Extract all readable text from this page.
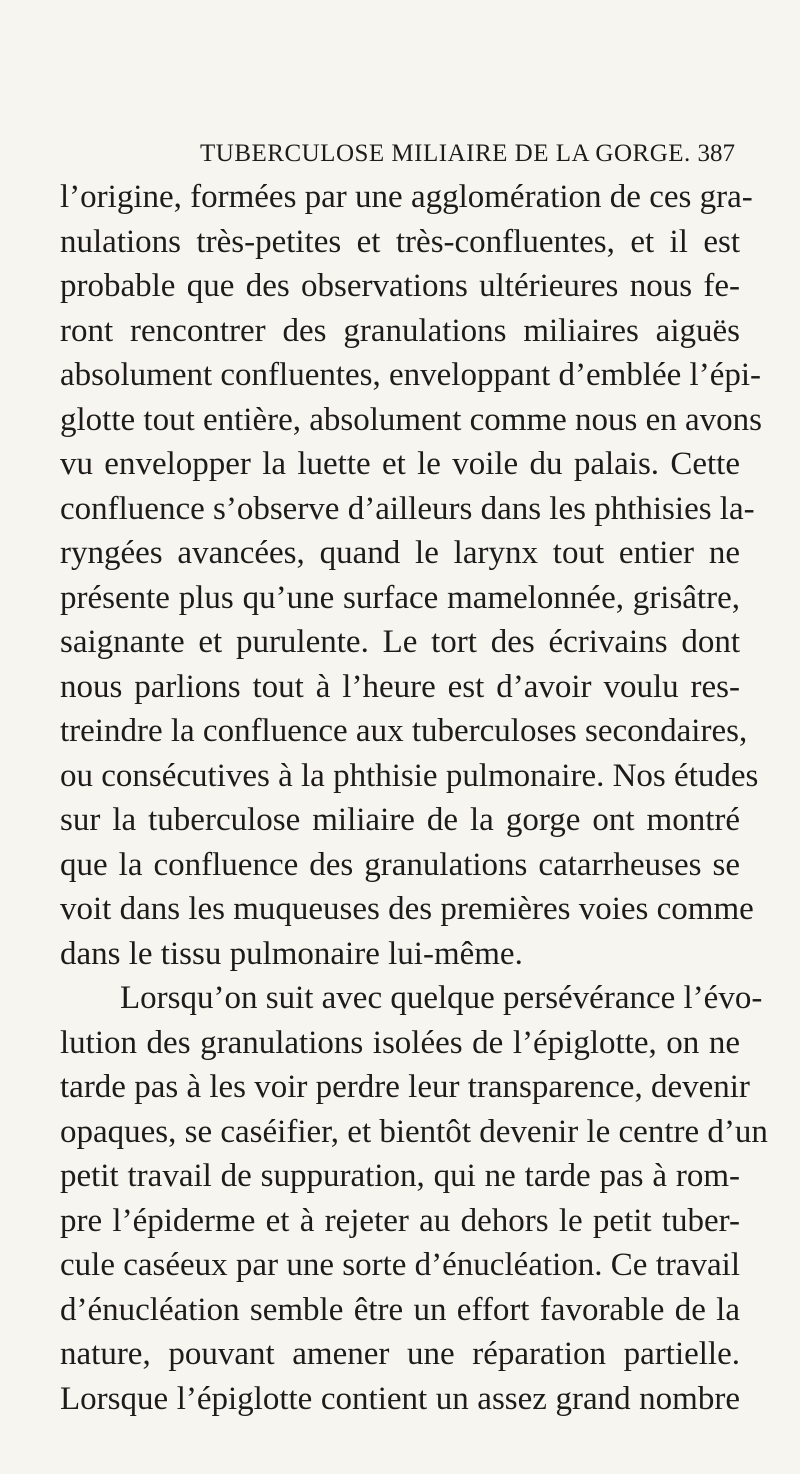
TUBERCULOSE MILIAIRE DE LA GORGE. 387
l’origine, formées par une agglomération de ces gra-
nulations très-petites et très-confluentes, et il est
probable que des observations ultérieures nous fe-
ront rencontrer des granulations miliaires aiguës
absolument confluentes, enveloppant d’emblée l’épi-
glotte tout entière, absolument comme nous en avons
vu envelopper la luette et le voile du palais. Cette
confluence s’observe d’ailleurs dans les phthisies la-
ryngées avancées, quand le larynx tout entier ne
présente plus qu’une surface mamelonnée, grisâtre,
saignante et purulente. Le tort des écrivains dont
nous parlions tout à l’heure est d’avoir voulu res-
treindre la confluence aux tuberculoses secondaires,
ou consécutives à la phthisie pulmonaire. Nos études
sur la tuberculose miliaire de la gorge ont montré
que la confluence des granulations catarrheuses se
voit dans les muqueuses des premières voies comme
dans le tissu pulmonaire lui-même.
Lorsqu’on suit avec quelque persévérance l’évo-
lution des granulations isolées de l’épiglotte, on ne
tarde pas à les voir perdre leur transparence, devenir
opaques, se caséifier, et bientôt devenir le centre d’un
petit travail de suppuration, qui ne tarde pas à rom-
pre l’épiderme et à rejeter au dehors le petit tuber-
cule caséeux par une sorte d’énucléation. Ce travail
d’énucléation semble être un effort favorable de la
nature, pouvant amener une réparation partielle.
Lorsque l’épiglotte contient un assez grand nombre
